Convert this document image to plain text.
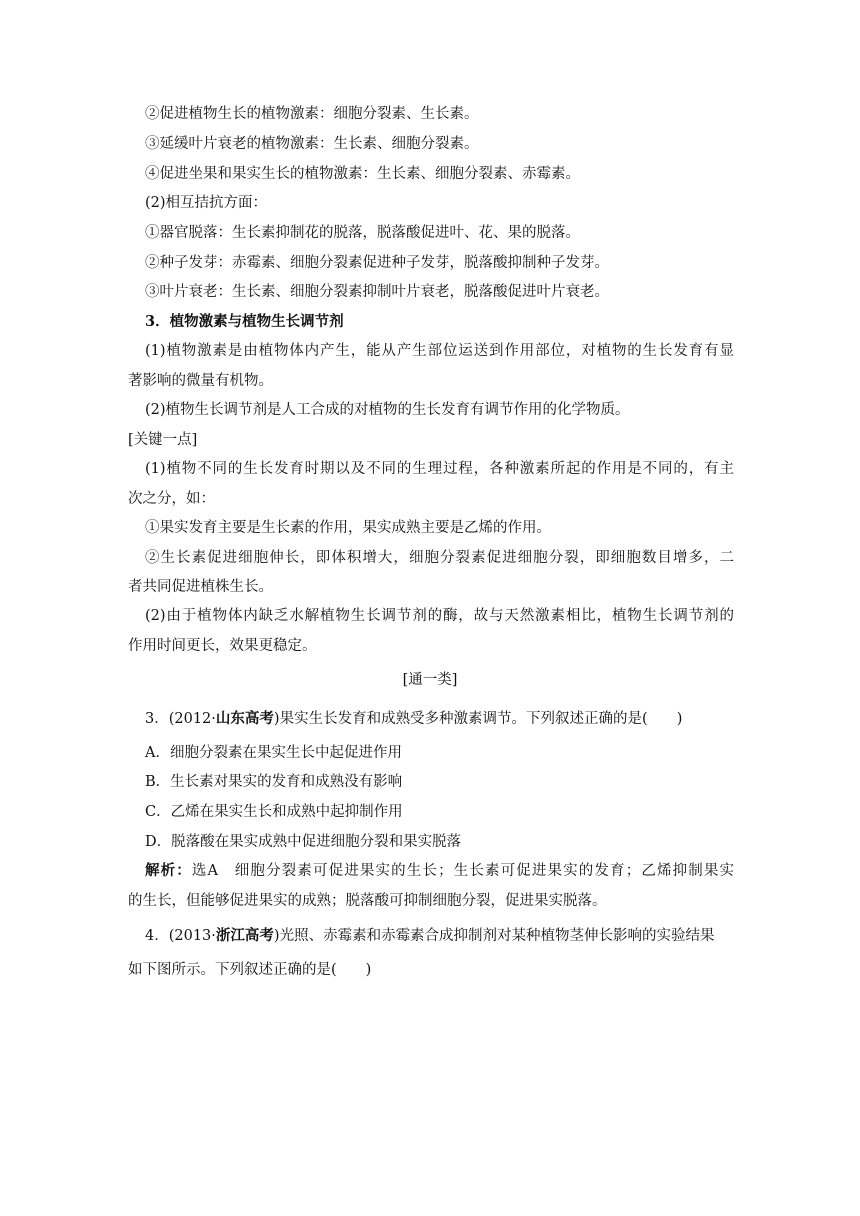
②促进植物生长的植物激素：细胞分裂素、生长素。
③延缓叶片衰老的植物激素：生长素、细胞分裂素。
④促进坐果和果实生长的植物激素：生长素、细胞分裂素、赤霉素。
(2)相互拮抗方面：
①器官脱落：生长素抑制花的脱落，脱落酸促进叶、花、果的脱落。
②种子发芽：赤霉素、细胞分裂素促进种子发芽，脱落酸抑制种子发芽。
③叶片衰老：生长素、细胞分裂素抑制叶片衰老，脱落酸促进叶片衰老。
3．植物激素与植物生长调节剂
(1)植物激素是由植物体内产生，能从产生部位运送到作用部位，对植物的生长发育有显
著影响的微量有机物。
(2)植物生长调节剂是人工合成的对植物的生长发育有调节作用的化学物质。
[关键一点]
(1)植物不同的生长发育时期以及不同的生理过程，各种激素所起的作用是不同的，有主
次之分，如：
①果实发育主要是生长素的作用，果实成熟主要是乙烯的作用。
②生长素促进细胞伸长，即体积增大，细胞分裂素促进细胞分裂，即细胞数目增多，二
者共同促进植株生长。
(2)由于植物体内缺乏水解植物生长调节剂的酶，故与天然激素相比，植物生长调节剂的
作用时间更长，效果更稳定。
[通一类]
3．(2012·山东高考)果实生长发育和成熟受多种激素调节。下列叙述正确的是(　　)
A．细胞分裂素在果实生长中起促进作用
B．生长素对果实的发育和成熟没有影响
C．乙烯在果实生长和成熟中起抑制作用
D．脱落酸在果实成熟中促进细胞分裂和果实脱落
解析：选A　细胞分裂素可促进果实的生长；生长素可促进果实的发育；乙烯抑制果实
的生长，但能够促进果实的成熟；脱落酸可抑制细胞分裂，促进果实脱落。
4．(2013·浙江高考)光照、赤霉素和赤霉素合成抑制剂对某种植物茎伸长影响的实验结果
如下图所示。下列叙述正确的是(　　)
